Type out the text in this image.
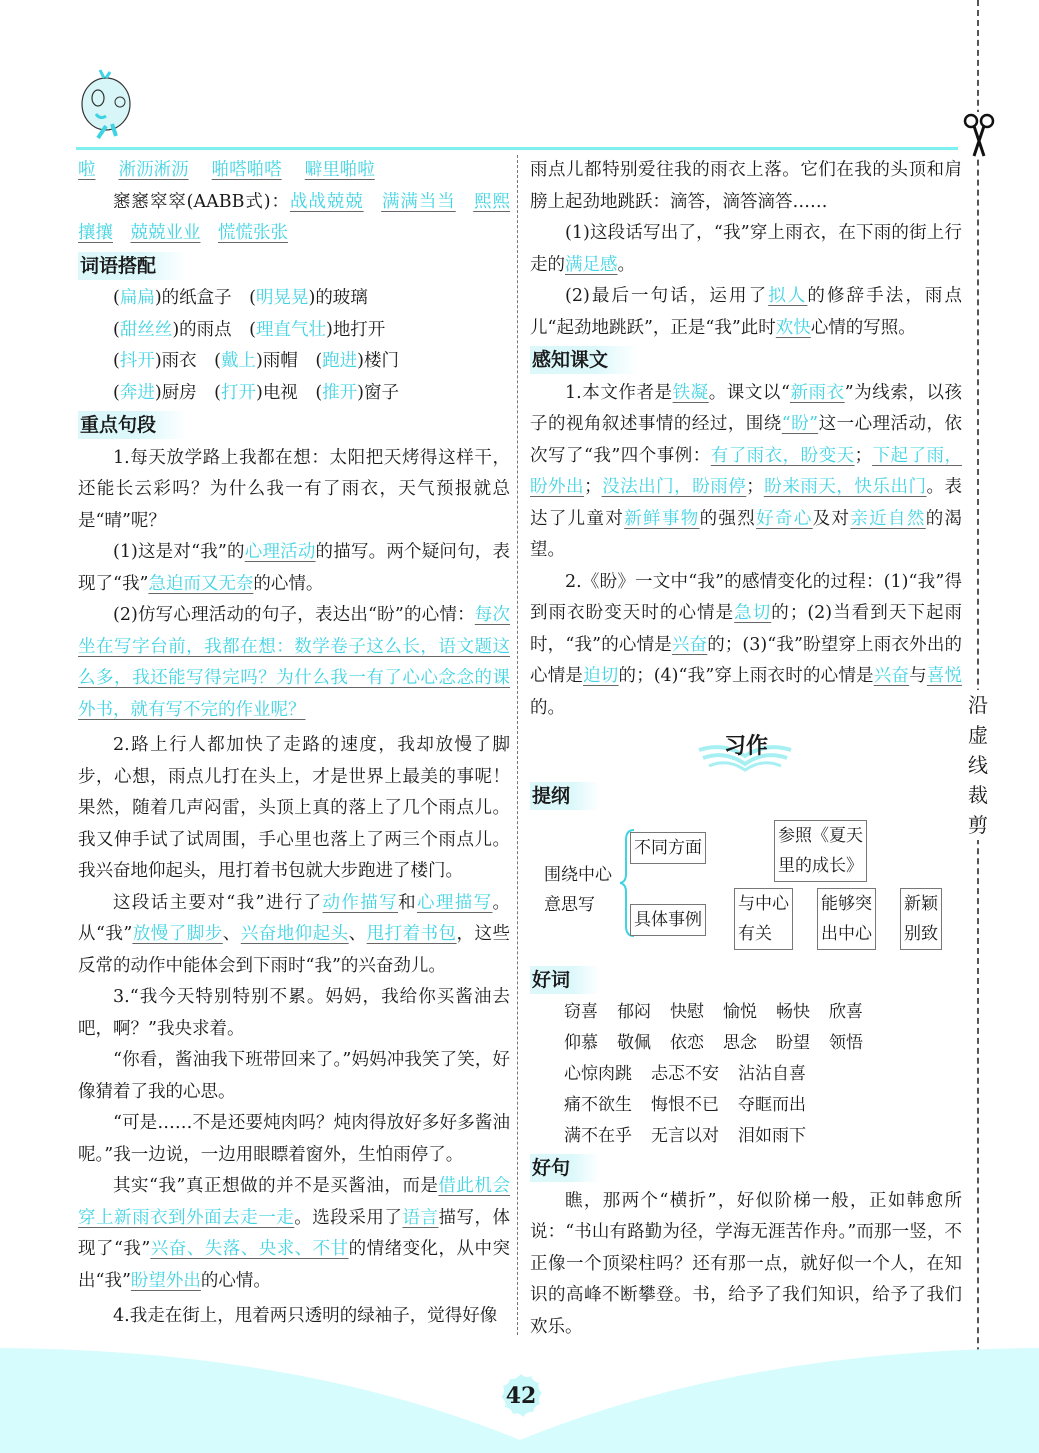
沿
虚
线
裁
剪

啦  淅沥淅沥  啪嗒啪嗒  噼里啪啦

窸窸窣窣(AABB式)：战战兢兢  满满当当  熙熙攘攘  兢兢业业  慌慌张张

词语搭配
(扁扁)的纸盒子 (明晃晃)的玻璃
(甜丝丝)的雨点 (理直气壮)地打开
(抖开)雨衣 (戴上)雨帽 (跑进)楼门
(奔进)厨房 (打开)电视 (推开)窗子
重点句段

1.每天放学路上我都在想：太阳把天烤得这样干，还能长云彩吗？为什么我一有了雨衣，天气预报就总是“晴”呢？

(1)这是对“我”的心理活动的描写。两个疑问句，表现了“我”急迫而又无奈的心情。

(2)仿写心理活动的句子，表达出“盼”的心情：每次坐在写字台前，我都在想：数学卷子这么长，语文题这么多，我还能写得完吗？为什么我一有了心心念念的课外书，就有写不完的作业呢？

2.路上行人都加快了走路的速度，我却放慢了脚步，心想，雨点儿打在头上，才是世界上最美的事呢！果然，随着几声闷雷，头顶上真的落上了几个雨点儿。我又伸手试了试周围，手心里也落上了两三个雨点儿。我兴奋地仰起头，甩打着书包就大步跑进了楼门。

这段话主要对“我”进行了动作描写和心理描写。从“我”放慢了脚步、兴奋地仰起头、甩打着书包，这些反常的动作中能体会到下雨时“我”的兴奋劲儿。

3.“我今天特别特别不累。妈妈，我给你买酱油去吧，啊？”我央求着。

“你看，酱油我下班带回来了。”妈妈冲我笑了笑，好像猜着了我的心思。

“可是……不是还要炖肉吗？炖肉得放好多好多酱油呢。”我一边说，一边用眼瞟着窗外，生怕雨停了。

其实“我”真正想做的并不是买酱油，而是借此机会穿上新雨衣到外面去走一走。选段采用了语言描写，体现了“我”兴奋、失落、央求、不甘的情绪变化，从中突出“我”盼望外出的心情。

4.我走在街上，甩着两只透明的绿袖子，觉得好像

雨点儿都特别爱往我的雨衣上落。它们在我的头顶和肩膀上起劲地跳跃：滴答，滴答滴答……

(1)这段话写出了，“我”穿上雨衣，在下雨的街上行走的满足感。

(2)最后一句话，运用了拟人的修辞手法，雨点儿“起劲地跳跃”，正是“我”此时欢快心情的写照。

感知课文

1.本文作者是铁凝。课文以“新雨衣”为线索，以孩子的视角叙述事情的经过，围绕“盼”这一心理活动，依次写了“我”四个事例：有了雨衣，盼变天；下起了雨，盼外出；没法出门，盼雨停；盼来雨天，快乐出门。表达了儿童对新鲜事物的强烈好奇心及对亲近自然的渴望。

2.《盼》一文中“我”的感情变化的过程：(1)“我”得到雨衣盼变天时的心情是急切的；(2)当看到天下起雨时，“我”的心情是兴奋的；(3)“我”盼望穿上雨衣外出的心情是迫切的；(4)“我”穿上雨衣时的心情是兴奋与喜悦的。

习作
提纲
围绕中心
意思写
不同方面
具体事例
参照《夏天
里的成长》
与中心
有关
能够突
出中心
新颖
别致
好词
窃喜 郁闷 快慰 愉悦 畅快 欣喜
仰慕 敬佩 依恋 思念 盼望 领悟
心惊肉跳 忐忑不安 沾沾自喜
痛不欲生 悔恨不已 夺眶而出
满不在乎 无言以对 泪如雨下
好句

瞧，那两个“横折”，好似阶梯一般，正如韩愈所说：“书山有路勤为径，学海无涯苦作舟。”而那一竖，不正像一个顶梁柱吗？还有那一点，就好似一个人，在知识的高峰不断攀登。书，给予了我们知识，给予了我们欢乐。

42
